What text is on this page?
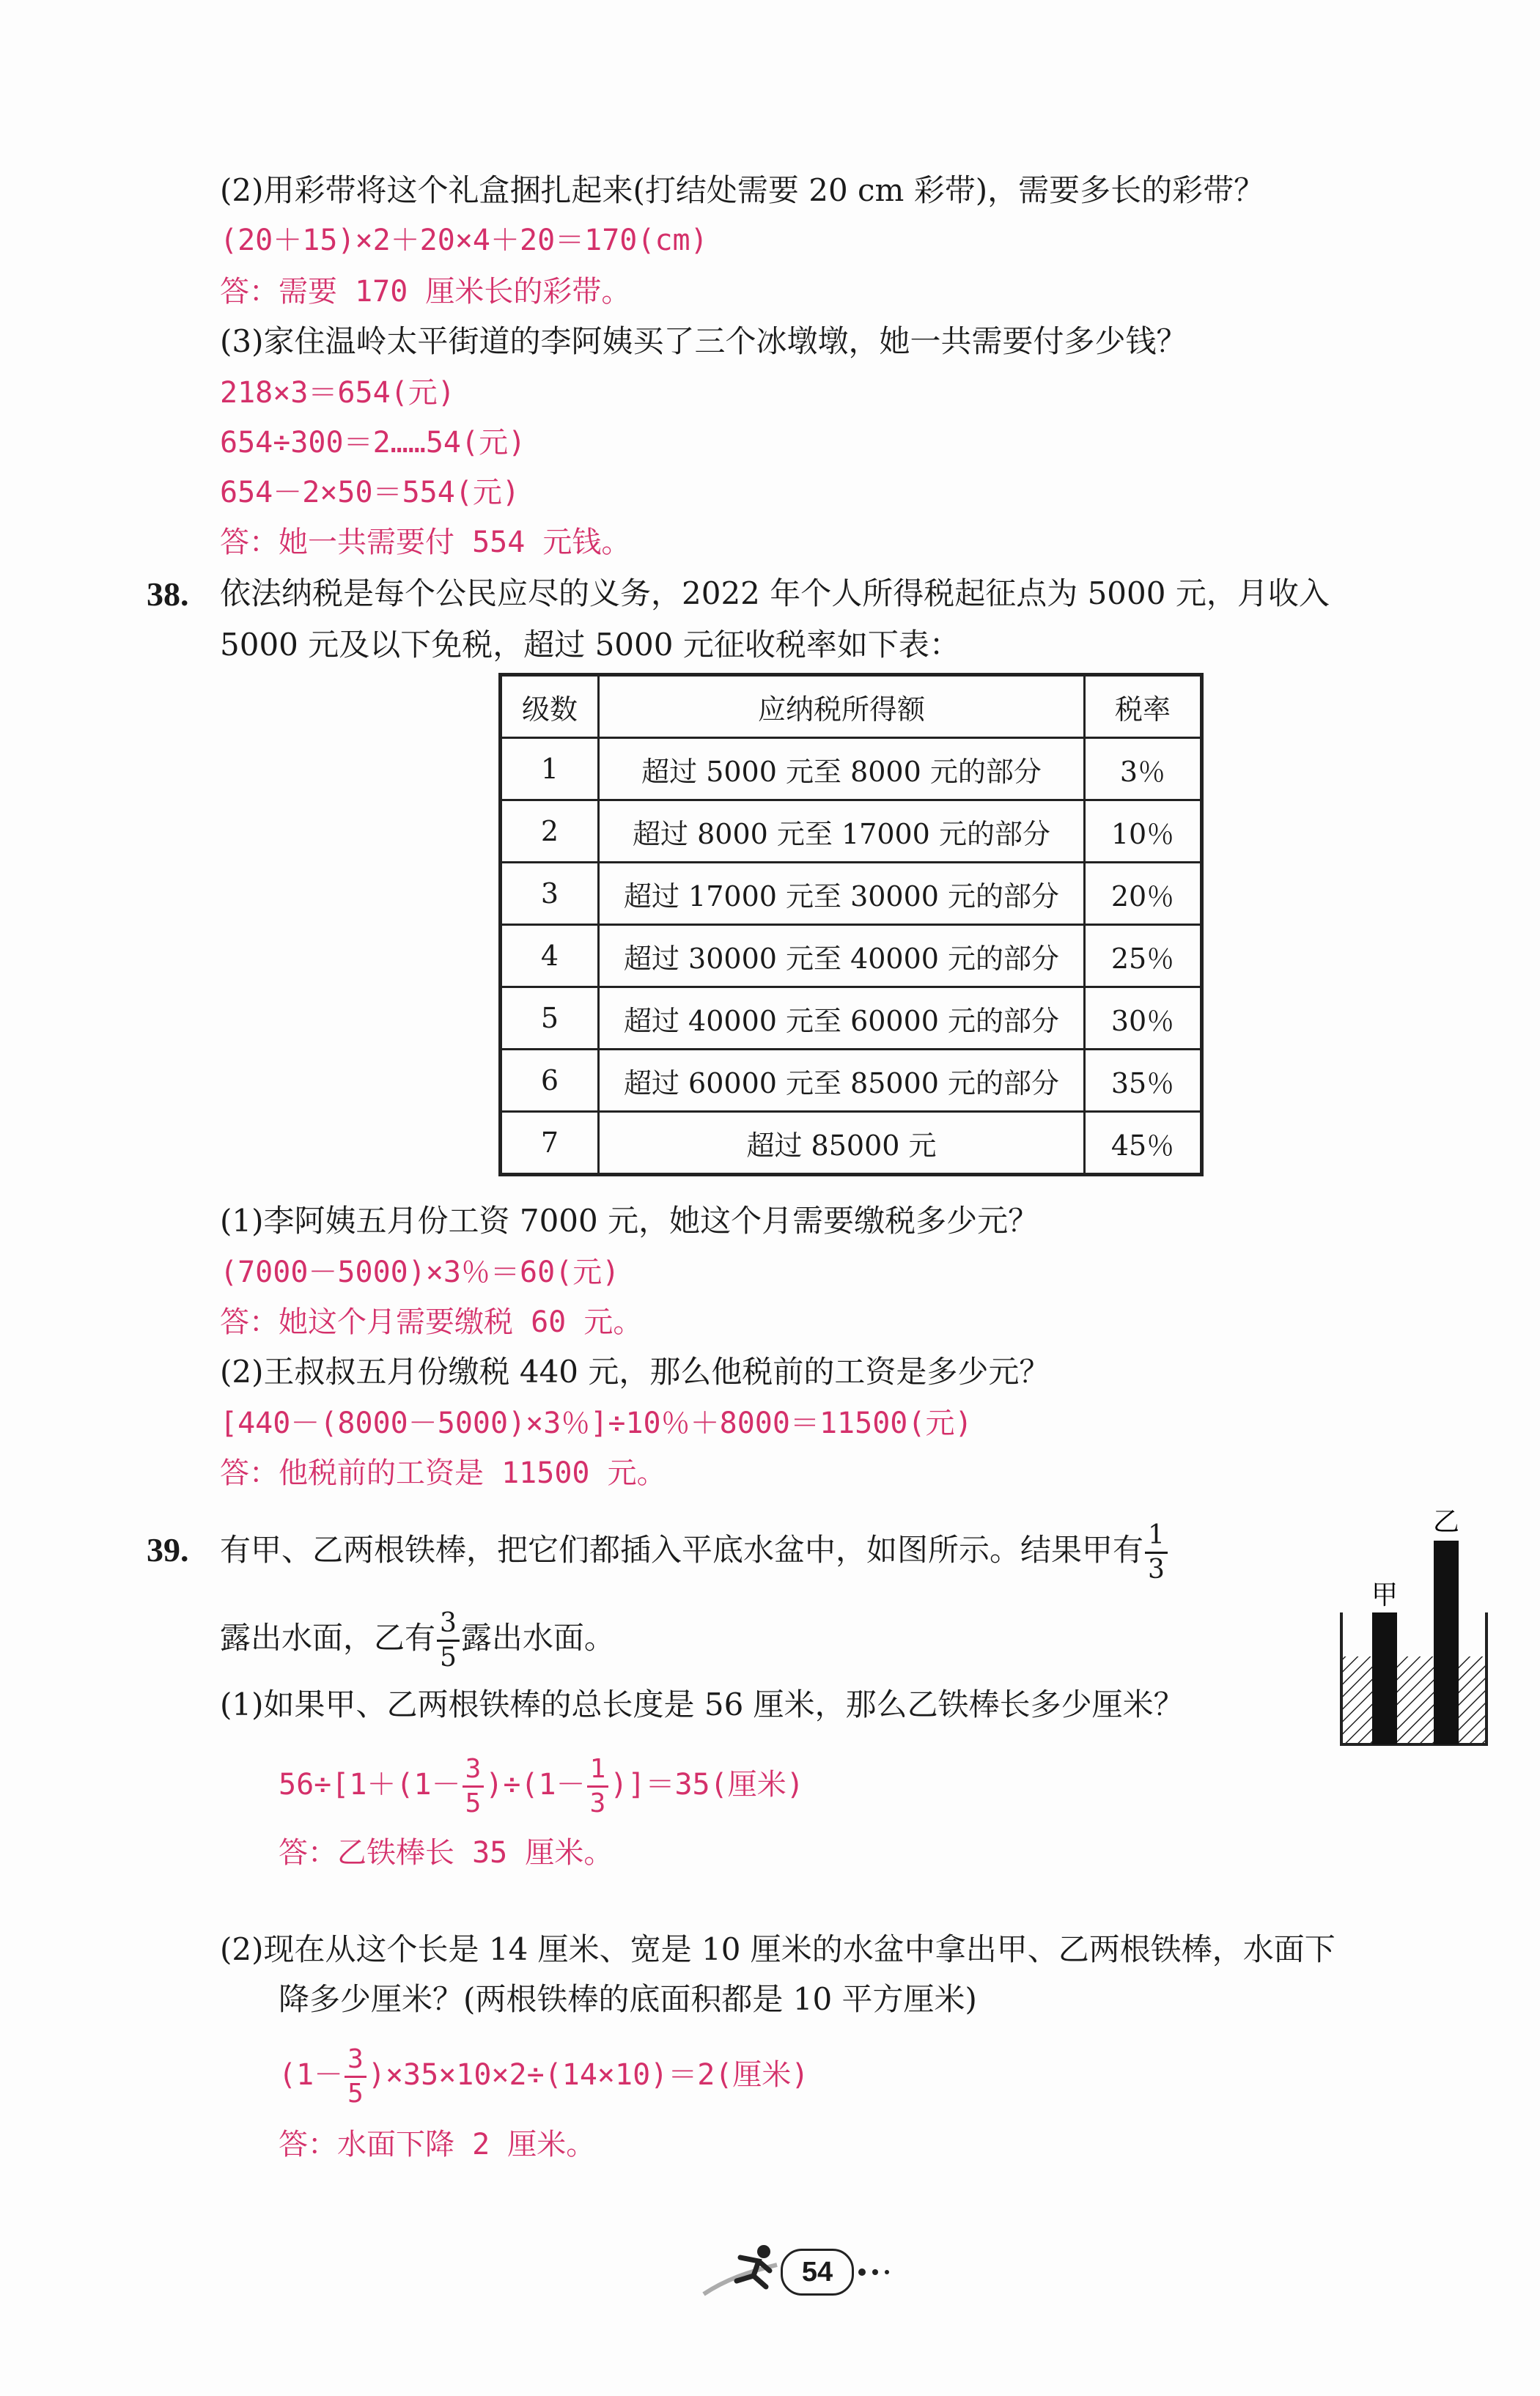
(2)用彩带将这个礼盒捆扎起来(打结处需要 20 cm 彩带)，需要多长的彩带？
(20＋15)×2＋20×4＋20＝170(cm)
答：需要 170 厘米长的彩带。
(3)家住温岭太平街道的李阿姨买了三个冰墩墩，她一共需要付多少钱？
218×3＝654(元)
654÷300＝2……54(元)
654－2×50＝554(元)
答：她一共需要付 554 元钱。
38. 依法纳税是每个公民应尽的义务，2022 年个人所得税起征点为 5000 元，月收入
5000 元及以下免税，超过 5000 元征收税率如下表：
级数	应纳税所得额	税率
1	超过 5000 元至 8000 元的部分	3％
2	超过 8000 元至 17000 元的部分	10％
3	超过 17000 元至 30000 元的部分	20％
4	超过 30000 元至 40000 元的部分	25％
5	超过 40000 元至 60000 元的部分	30％
6	超过 60000 元至 85000 元的部分	35％
7	超过 85000 元	45％
(1)李阿姨五月份工资 7000 元，她这个月需要缴税多少元？
(7000－5000)×3％＝60(元)
答：她这个月需要缴税 60 元。
(2)王叔叔五月份缴税 440 元，那么他税前的工资是多少元？
[440－(8000－5000)×3％]÷10％＋8000＝11500(元)
答：他税前的工资是 11500 元。
39. 有甲、乙两根铁棒，把它们都插入平底水盆中，如图所示。结果甲有 $\frac{1}{3}$
露出水面，乙有 $\frac{3}{5}$ 露出水面。
甲
乙
(1)如果甲、乙两根铁棒的总长度是 56 厘米，那么乙铁棒长多少厘米？
$56\div[1+(1- \frac{3}{5} )\div(1- \frac{1}{3} )]=35$(厘米)
答：乙铁棒长 35 厘米。
(2)现在从这个长是 14 厘米、宽是 10 厘米的水盆中拿出甲、乙两根铁棒，水面下
降多少厘米？(两根铁棒的底面积都是 10 平方厘米)
$(1- \frac{3}{5} )\times 35\times 10\times 2\div(14\times 10)=2$(厘米)
答：水面下降 2 厘米。
54
